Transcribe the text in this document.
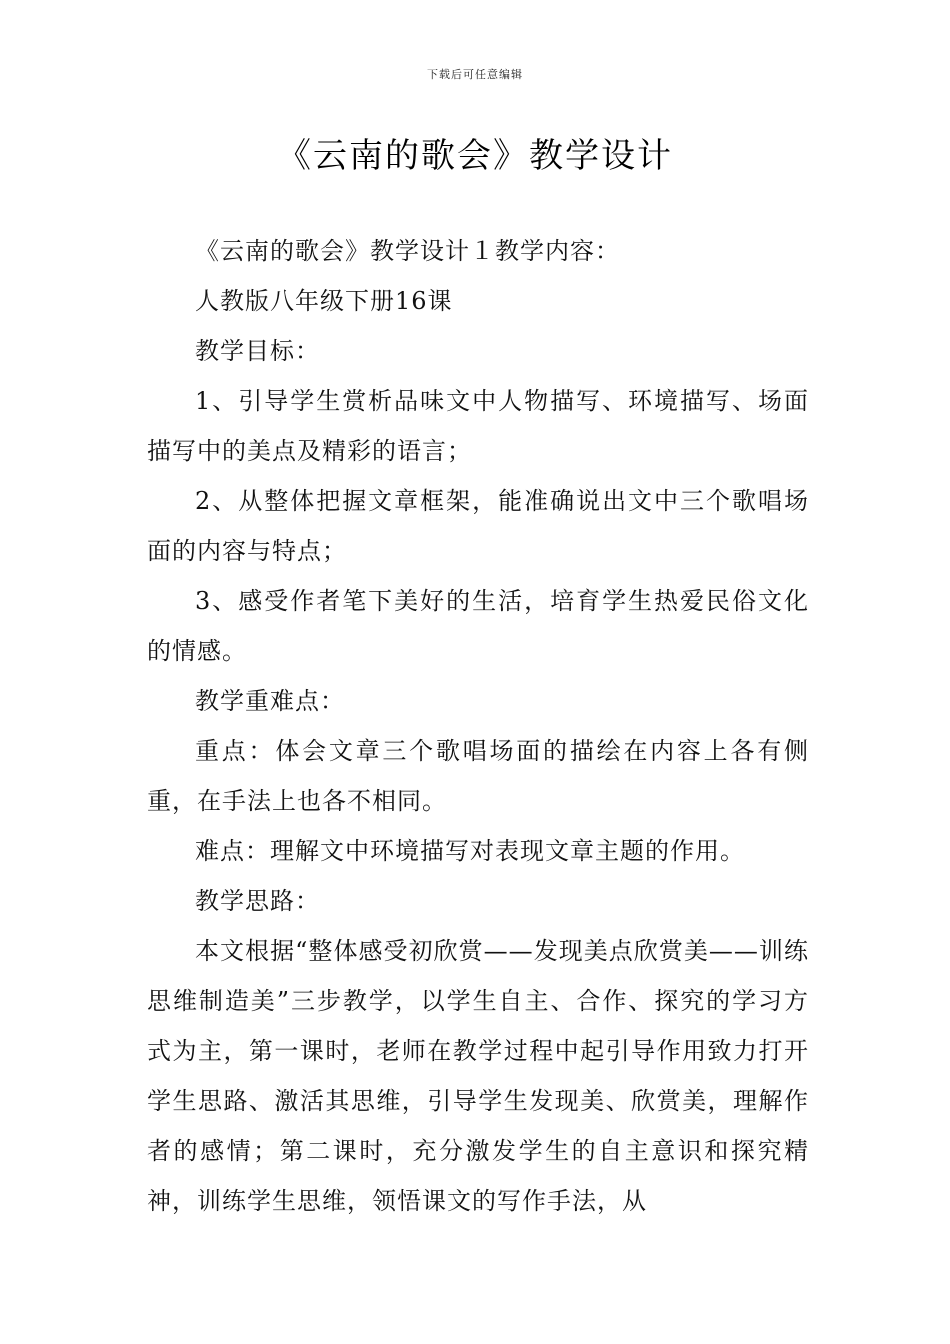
下载后可任意编辑
《云南的歌会》教学设计

《云南的歌会》教学设计１教学内容：

人教版八年级下册16课

教学目标：

1、引导学生赏析品味文中人物描写、环境描写、场面描写中的美点及精彩的语言；

2、从整体把握文章框架，能准确说出文中三个歌唱场面的内容与特点；

3、感受作者笔下美好的生活，培育学生热爱民俗文化的情感。

教学重难点：

重点：体会文章三个歌唱场面的描绘在内容上各有侧重，在手法上也各不相同。

难点：理解文中环境描写对表现文章主题的作用。

教学思路：

本文根据“整体感受初欣赏——发现美点欣赏美——训练思维制造美”三步教学，以学生自主、合作、探究的学习方式为主，第一课时，老师在教学过程中起引导作用致力打开学生思路、激活其思维，引导学生发现美、欣赏美，理解作者的感情；第二课时，充分激发学生的自主意识和探究精神，训练学生思维，领悟课文的写作手法，从
